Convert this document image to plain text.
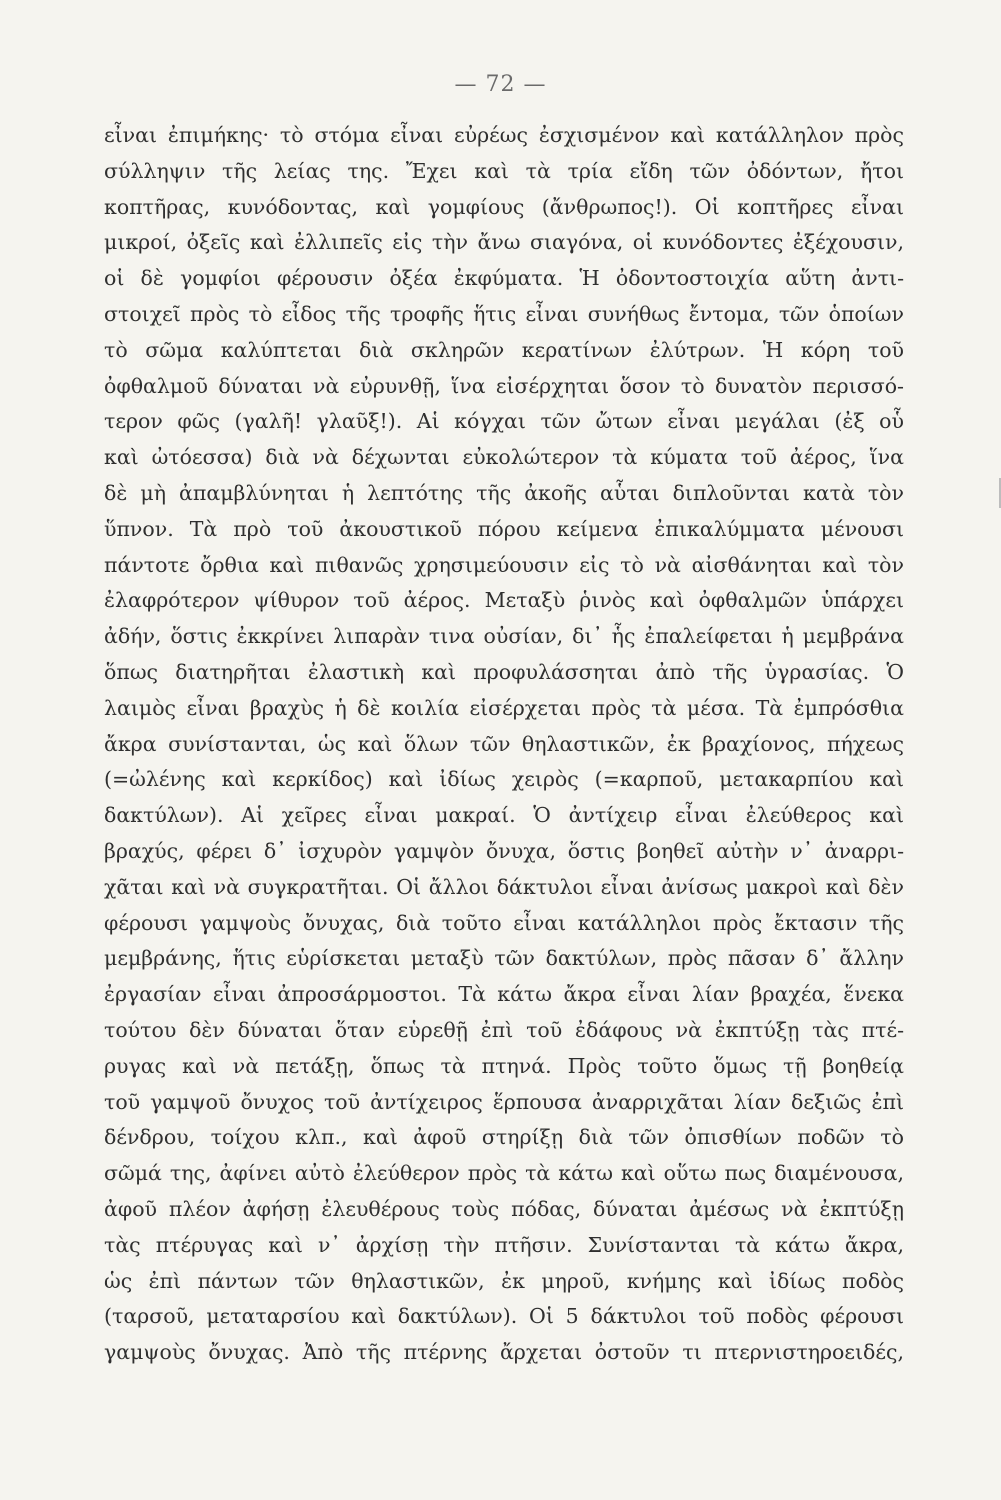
— 72 —
εἶναι ἐπιμήκης· τὸ στόμα εἶναι εὐρέως ἐσχισμένον καὶ κατάλληλον πρὸς
σύλληψιν τῆς λείας της. Ἔχει καὶ τὰ τρία εἴδη τῶν ὀδόντων, ἤτοι
κοπτῆρας, κυνόδοντας, καὶ γομφίους (ἄνθρωπος!). Οἱ κοπτῆρες εἶναι
μικροί, ὀξεῖς καὶ ἐλλιπεῖς εἰς τὴν ἄνω σιαγόνα, οἱ κυνόδοντες ἐξέχουσιν,
οἱ δὲ γομφίοι φέρουσιν ὀξέα ἐκφύματα. Ἡ ὀδοντοστοιχία αὕτη ἀντι-
στοιχεῖ πρὸς τὸ εἶδος τῆς τροφῆς ἥτις εἶναι συνήθως ἔντομα, τῶν ὁποίων
τὸ σῶμα καλύπτεται διὰ σκληρῶν κερατίνων ἐλύτρων. Ἡ κόρη τοῦ
ὀφθαλμοῦ δύναται νὰ εὐρυνθῇ, ἵνα εἰσέρχηται ὅσον τὸ δυνατὸν περισσό-
τερον φῶς (γαλῆ! γλαῦξ!). Αἱ κόγχαι τῶν ὤτων εἶναι μεγάλαι (ἐξ οὗ
καὶ ὠτόεσσα) διὰ νὰ δέχωνται εὐκολώτερον τὰ κύματα τοῦ ἀέρος, ἵνα
δὲ μὴ ἀπαμβλύνηται ἡ λεπτότης τῆς ἀκοῆς αὗται διπλοῦνται κατὰ τὸν
ὕπνον. Τὰ πρὸ τοῦ ἀκουστικοῦ πόρου κείμενα ἐπικαλύμματα μένουσι
πάντοτε ὄρθια καὶ πιθανῶς χρησιμεύουσιν εἰς τὸ νὰ αἰσθάνηται καὶ τὸν
ἐλαφρότερον ψίθυρον τοῦ ἀέρος. Μεταξὺ ῥινὸς καὶ ὀφθαλμῶν ὑπάρχει
ἀδήν, ὅστις ἐκκρίνει λιπαρὰν τινα οὐσίαν, δι᾽ ἧς ἐπαλείφεται ἡ μεμβράνα
ὅπως διατηρῆται ἐλαστικὴ καὶ προφυλάσσηται ἀπὸ τῆς ὑγρασίας. Ὁ
λαιμὸς εἶναι βραχὺς ἡ δὲ κοιλία εἰσέρχεται πρὸς τὰ μέσα. Τὰ ἐμπρόσθια
ἄκρα συνίστανται, ὡς καὶ ὅλων τῶν θηλαστικῶν, ἐκ βραχίονος, πήχεως
(=ὠλένης καὶ κερκίδος) καὶ ἰδίως χειρὸς (=καρποῦ, μετακαρπίου καὶ
δακτύλων). Αἱ χεῖρες εἶναι μακραί. Ὁ ἀντίχειρ εἶναι ἐλεύθερος καὶ
βραχύς, φέρει δ᾽ ἰσχυρὸν γαμψὸν ὄνυχα, ὅστις βοηθεῖ αὐτὴν ν᾽ ἀναρρι-
χᾶται καὶ νὰ συγκρατῆται. Οἱ ἄλλοι δάκτυλοι εἶναι ἀνίσως μακροὶ καὶ δὲν
φέρουσι γαμψοὺς ὄνυχας, διὰ τοῦτο εἶναι κατάλληλοι πρὸς ἔκτασιν τῆς
μεμβράνης, ἥτις εὑρίσκεται μεταξὺ τῶν δακτύλων, πρὸς πᾶσαν δ᾽ ἄλλην
ἐργασίαν εἶναι ἀπροσάρμοστοι. Τὰ κάτω ἄκρα εἶναι λίαν βραχέα, ἕνεκα
τούτου δὲν δύναται ὅταν εὑρεθῇ ἐπὶ τοῦ ἐδάφους νὰ ἐκπτύξῃ τὰς πτέ-
ρυγας καὶ νὰ πετάξῃ, ὅπως τὰ πτηνά. Πρὸς τοῦτο ὅμως τῇ βοηθείᾳ
τοῦ γαμψοῦ ὄνυχος τοῦ ἀντίχειρος ἕρπουσα ἀναρριχᾶται λίαν δεξιῶς ἐπὶ
δένδρου, τοίχου κλπ., καὶ ἀφοῦ στηρίξῃ διὰ τῶν ὀπισθίων ποδῶν τὸ
σῶμά της, ἀφίνει αὐτὸ ἐλεύθερον πρὸς τὰ κάτω καὶ οὕτω πως διαμένουσα,
ἀφοῦ πλέον ἀφήσῃ ἐλευθέρους τοὺς πόδας, δύναται ἀμέσως νὰ ἐκπτύξῃ
τὰς πτέρυγας καὶ ν᾽ ἀρχίσῃ τὴν πτῆσιν. Συνίστανται τὰ κάτω ἄκρα,
ὡς ἐπὶ πάντων τῶν θηλαστικῶν, ἐκ μηροῦ, κνήμης καὶ ἰδίως ποδὸς
(ταρσοῦ, μεταταρσίου καὶ δακτύλων). Οἱ 5 δάκτυλοι τοῦ ποδὸς φέρουσι
γαμψοὺς ὄνυχας. Ἀπὸ τῆς πτέρνης ἄρχεται ὀστοῦν τι πτερνιστηροειδές,
